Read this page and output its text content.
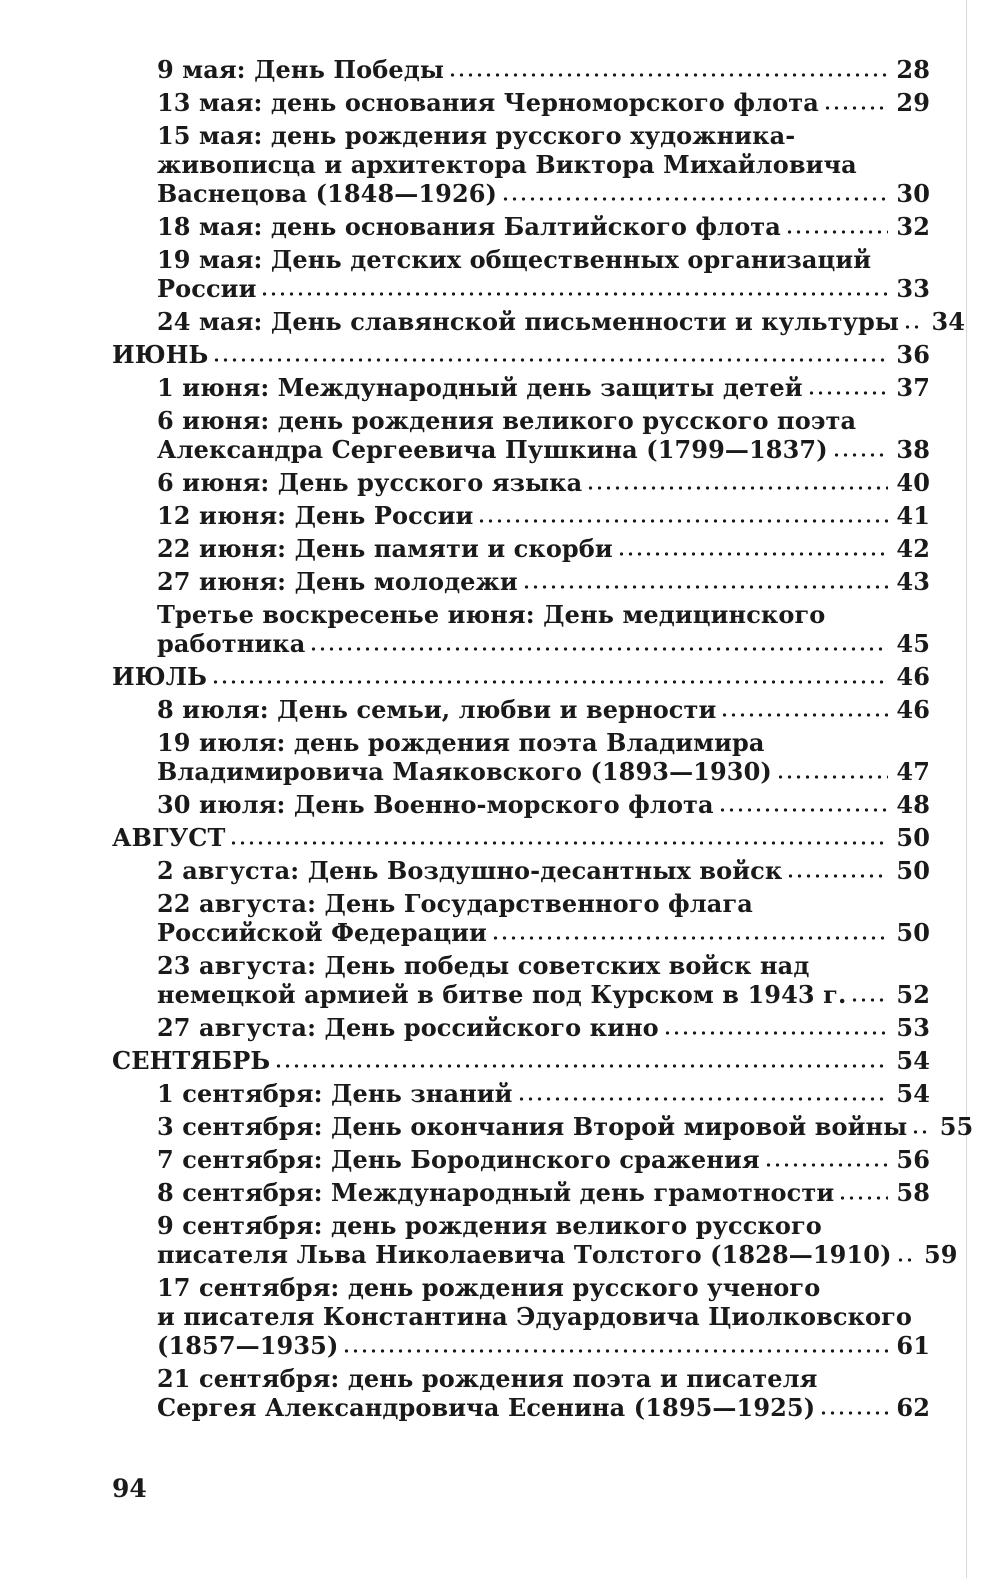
9 мая: День Победы	28
13 мая: день основания Черноморского флота	29
15 мая: день рождения русского художника-
живописца и архитектора Виктора Михайловича
Васнецова (1848—1926)	30
18 мая: день основания Балтийского флота	32
19 мая: День детских общественных организаций
России	33
24 мая: День славянской письменности и культуры 34
ИЮНЬ	36
1 июня: Международный день защиты детей	37
6 июня: день рождения великого русского поэта
Александра Сергеевича Пушкина (1799—1837)	38
6 июня: День русского языка	40
12 июня: День России	41
22 июня: День памяти и скорби	42
27 июня: День молодежи	43
Третье воскресенье июня: День медицинского
работника	45
ИЮЛЬ	46
8 июля: День семьи, любви и верности	46
19 июля: день рождения поэта Владимира
Владимировича Маяковского (1893—1930)	47
30 июля: День Военно-морского флота	48
АВГУСТ	50
2 августа: День Воздушно-десантных войск	50
22 августа: День Государственного флага
Российской Федерации	50
23 августа: День победы советских войск над
немецкой армией в битве под Курском в 1943 г. 52
27 августа: День российского кино	53
СЕНТЯБРЬ	54
1 сентября: День знаний	54
3 сентября: День окончания Второй мировой войны 55
7 сентября: День Бородинского сражения	56
8 сентября: Международный день грамотности	58
9 сентября: день рождения великого русского
писателя Льва Николаевича Толстого (1828—1910) 59
17 сентября: день рождения русского ученого
и писателя Константина Эдуардовича Циолковского
(1857—1935)	61
21 сентября: день рождения поэта и писателя
Сергея Александровича Есенина (1895—1925)	62
94
